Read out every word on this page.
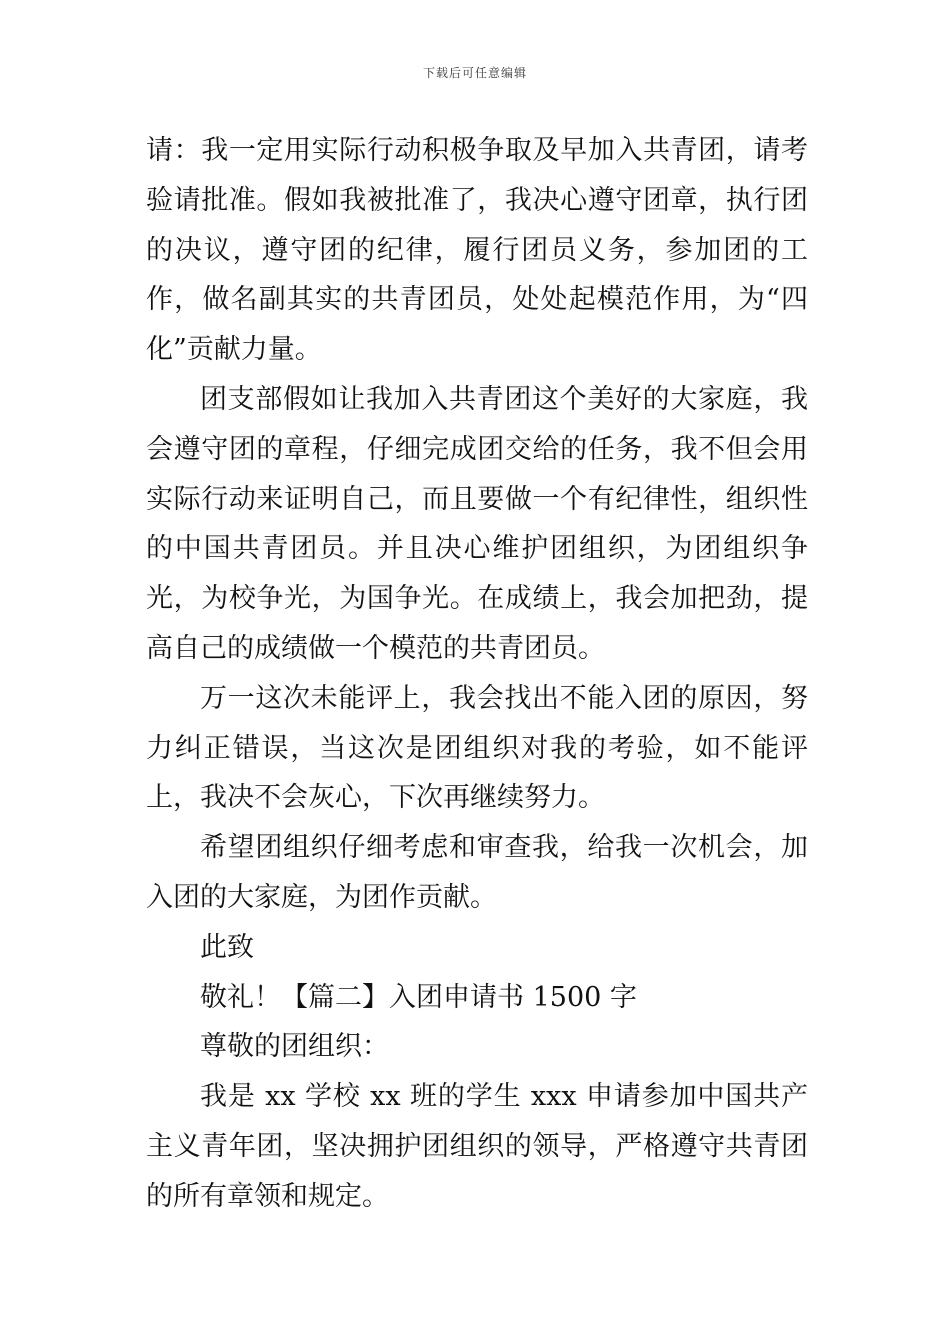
下载后可任意编辑

请：我一定用实际行动积极争取及早加入共青团，请考验请批准。假如我被批准了，我决心遵守团章，执行团的决议，遵守团的纪律，履行团员义务，参加团的工作，做名副其实的共青团员，处处起模范作用，为“四化”贡献力量。

团支部假如让我加入共青团这个美好的大家庭，我会遵守团的章程，仔细完成团交给的任务，我不但会用实际行动来证明自己，而且要做一个有纪律性，组织性的中国共青团员。并且决心维护团组织，为团组织争光，为校争光，为国争光。在成绩上，我会加把劲，提高自己的成绩做一个模范的共青团员。

万一这次未能评上，我会找出不能入团的原因，努力纠正错误，当这次是团组织对我的考验，如不能评上，我决不会灰心，下次再继续努力。

希望团组织仔细考虑和审查我，给我一次机会，加入团的大家庭，为团作贡献。

此致

敬礼！【篇二】入团申请书 1500 字

尊敬的团组织：

我是 xx 学校 xx 班的学生 xxx 申请参加中国共产主义青年团，坚决拥护团组织的领导，严格遵守共青团的所有章领和规定。
